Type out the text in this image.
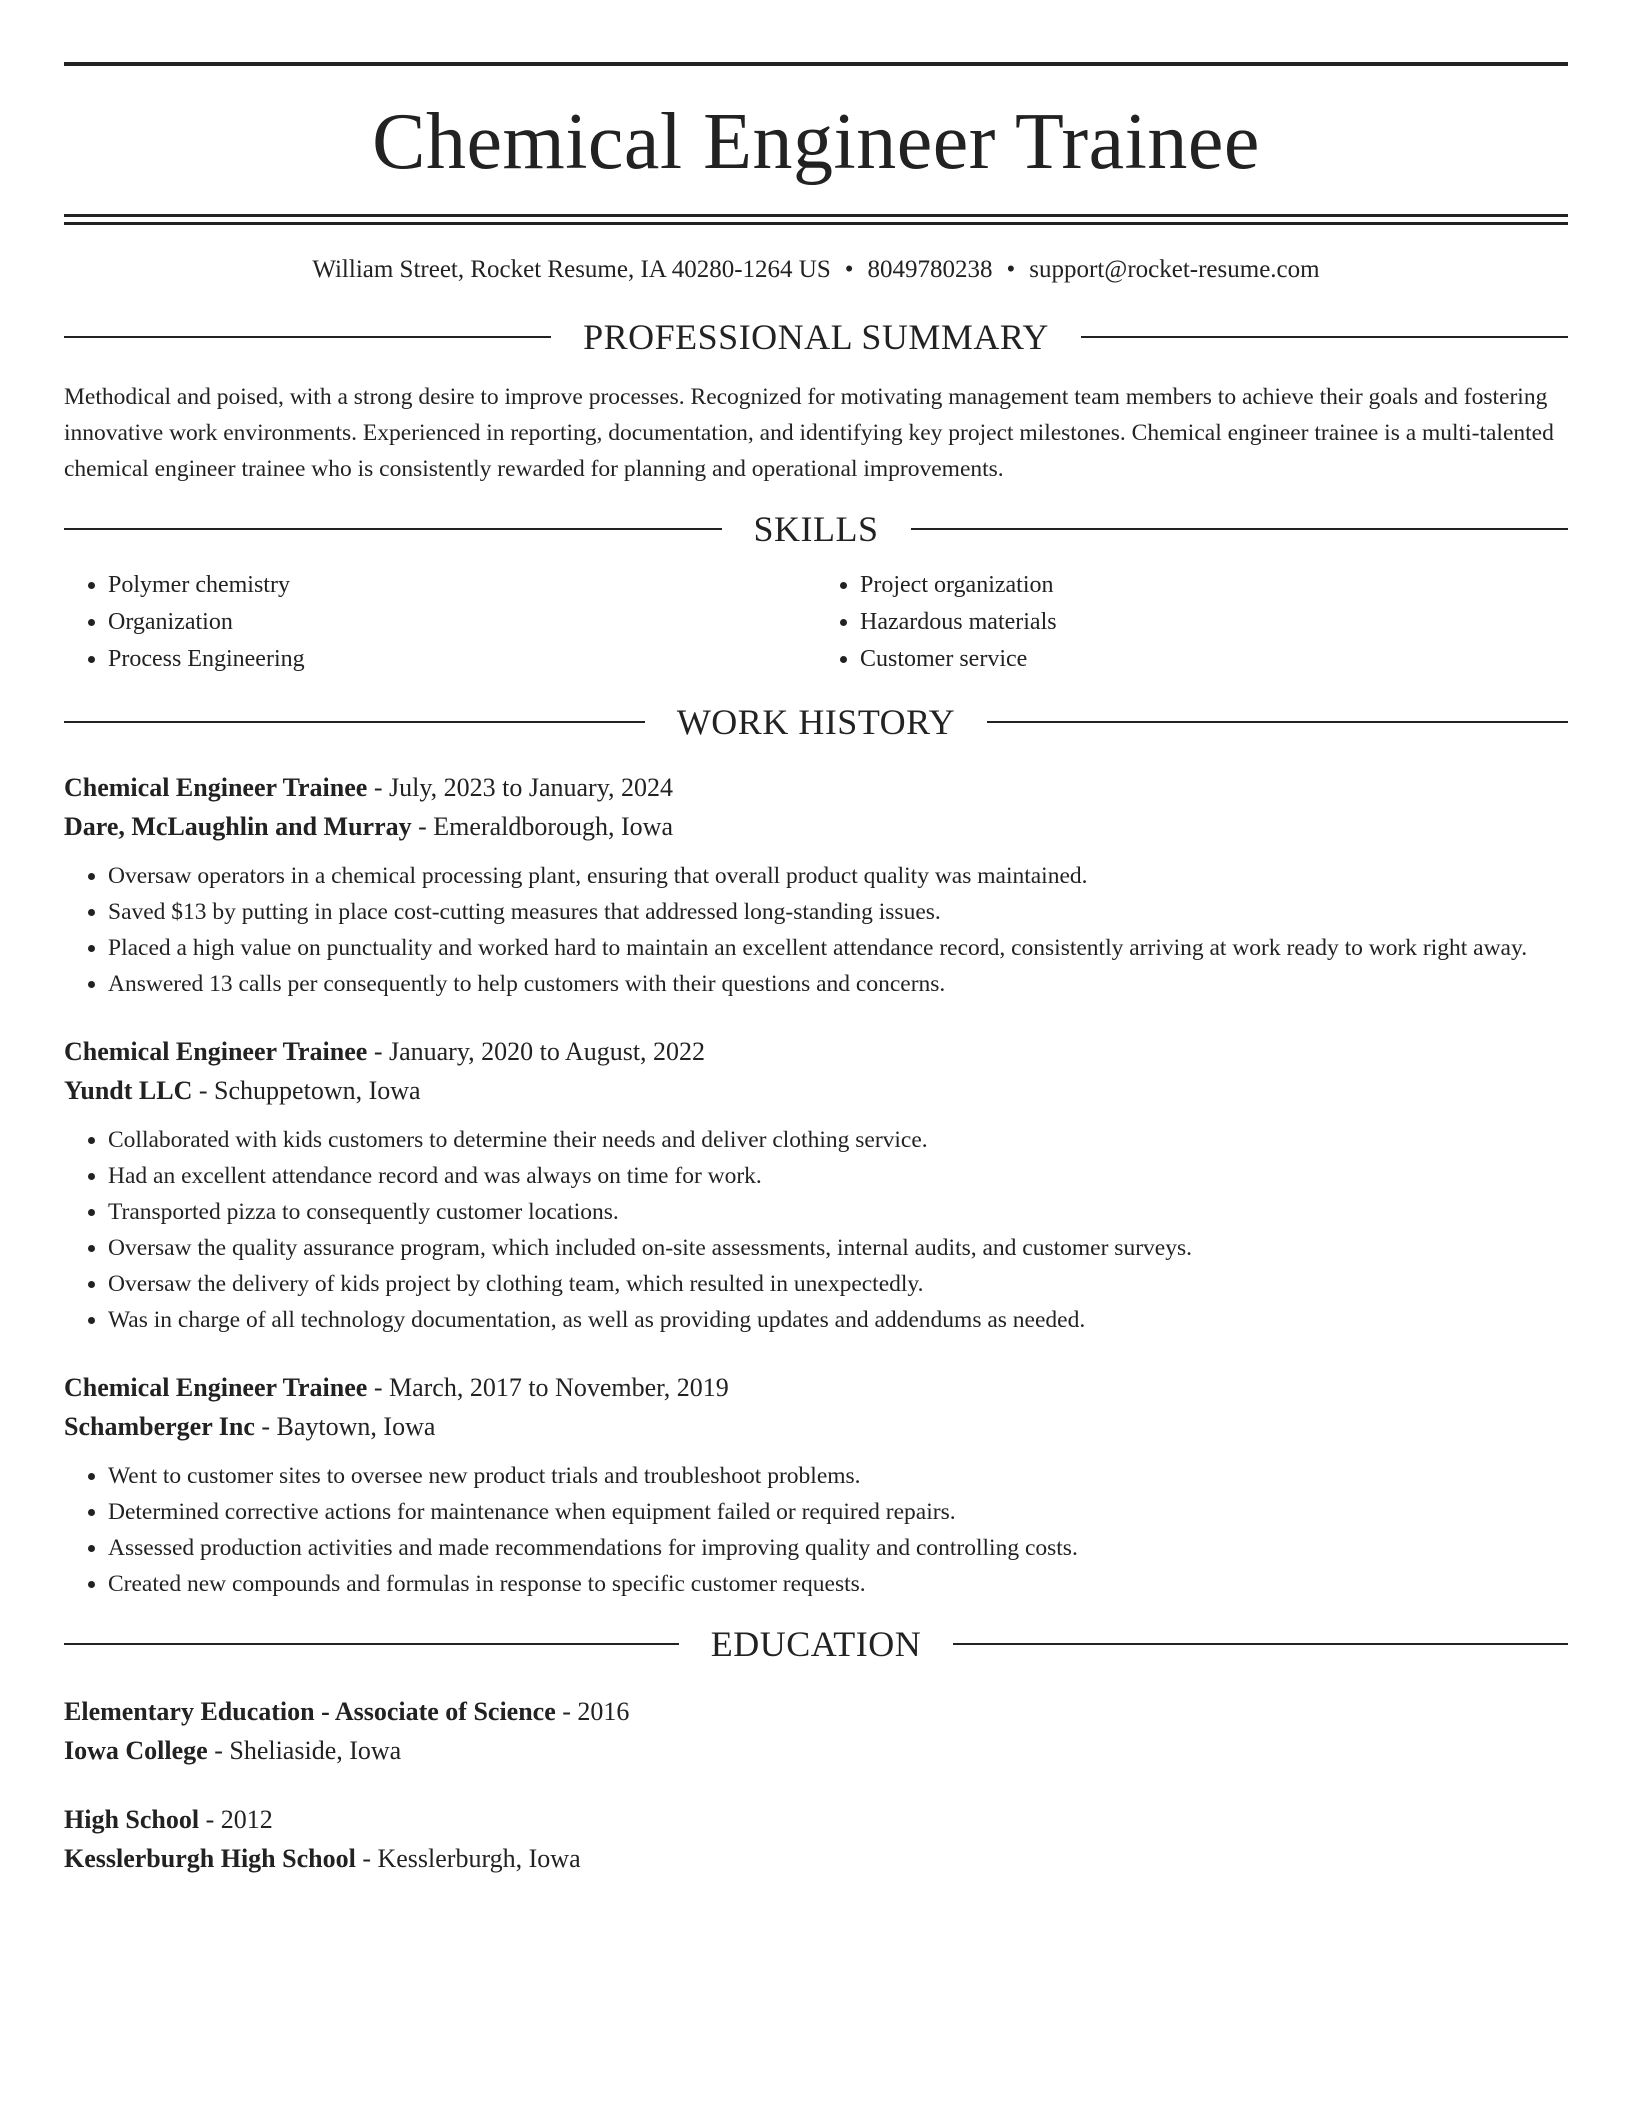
Chemical Engineer Trainee
William Street, Rocket Resume, IA 40280-1264 US • 8049780238 • support@rocket-resume.com
PROFESSIONAL SUMMARY
Methodical and poised, with a strong desire to improve processes. Recognized for motivating management team members to achieve their goals and fostering innovative work environments. Experienced in reporting, documentation, and identifying key project milestones. Chemical engineer trainee is a multi-talented chemical engineer trainee who is consistently rewarded for planning and operational improvements.
SKILLS
• Polymer chemistry
• Organization
• Process Engineering
• Project organization
• Hazardous materials
• Customer service
WORK HISTORY
Chemical Engineer Trainee - July, 2023 to January, 2024
Dare, McLaughlin and Murray - Emeraldborough, Iowa
• Oversaw operators in a chemical processing plant, ensuring that overall product quality was maintained.
• Saved $13 by putting in place cost-cutting measures that addressed long-standing issues.
• Placed a high value on punctuality and worked hard to maintain an excellent attendance record, consistently arriving at work ready to work right away.
• Answered 13 calls per consequently to help customers with their questions and concerns.
Chemical Engineer Trainee - January, 2020 to August, 2022
Yundt LLC - Schuppetown, Iowa
• Collaborated with kids customers to determine their needs and deliver clothing service.
• Had an excellent attendance record and was always on time for work.
• Transported pizza to consequently customer locations.
• Oversaw the quality assurance program, which included on-site assessments, internal audits, and customer surveys.
• Oversaw the delivery of kids project by clothing team, which resulted in unexpectedly.
• Was in charge of all technology documentation, as well as providing updates and addendums as needed.
Chemical Engineer Trainee - March, 2017 to November, 2019
Schamberger Inc - Baytown, Iowa
• Went to customer sites to oversee new product trials and troubleshoot problems.
• Determined corrective actions for maintenance when equipment failed or required repairs.
• Assessed production activities and made recommendations for improving quality and controlling costs.
• Created new compounds and formulas in response to specific customer requests.
EDUCATION
Elementary Education - Associate of Science - 2016
Iowa College - Sheliaside, Iowa
High School - 2012
Kesslerburgh High School - Kesslerburgh, Iowa
